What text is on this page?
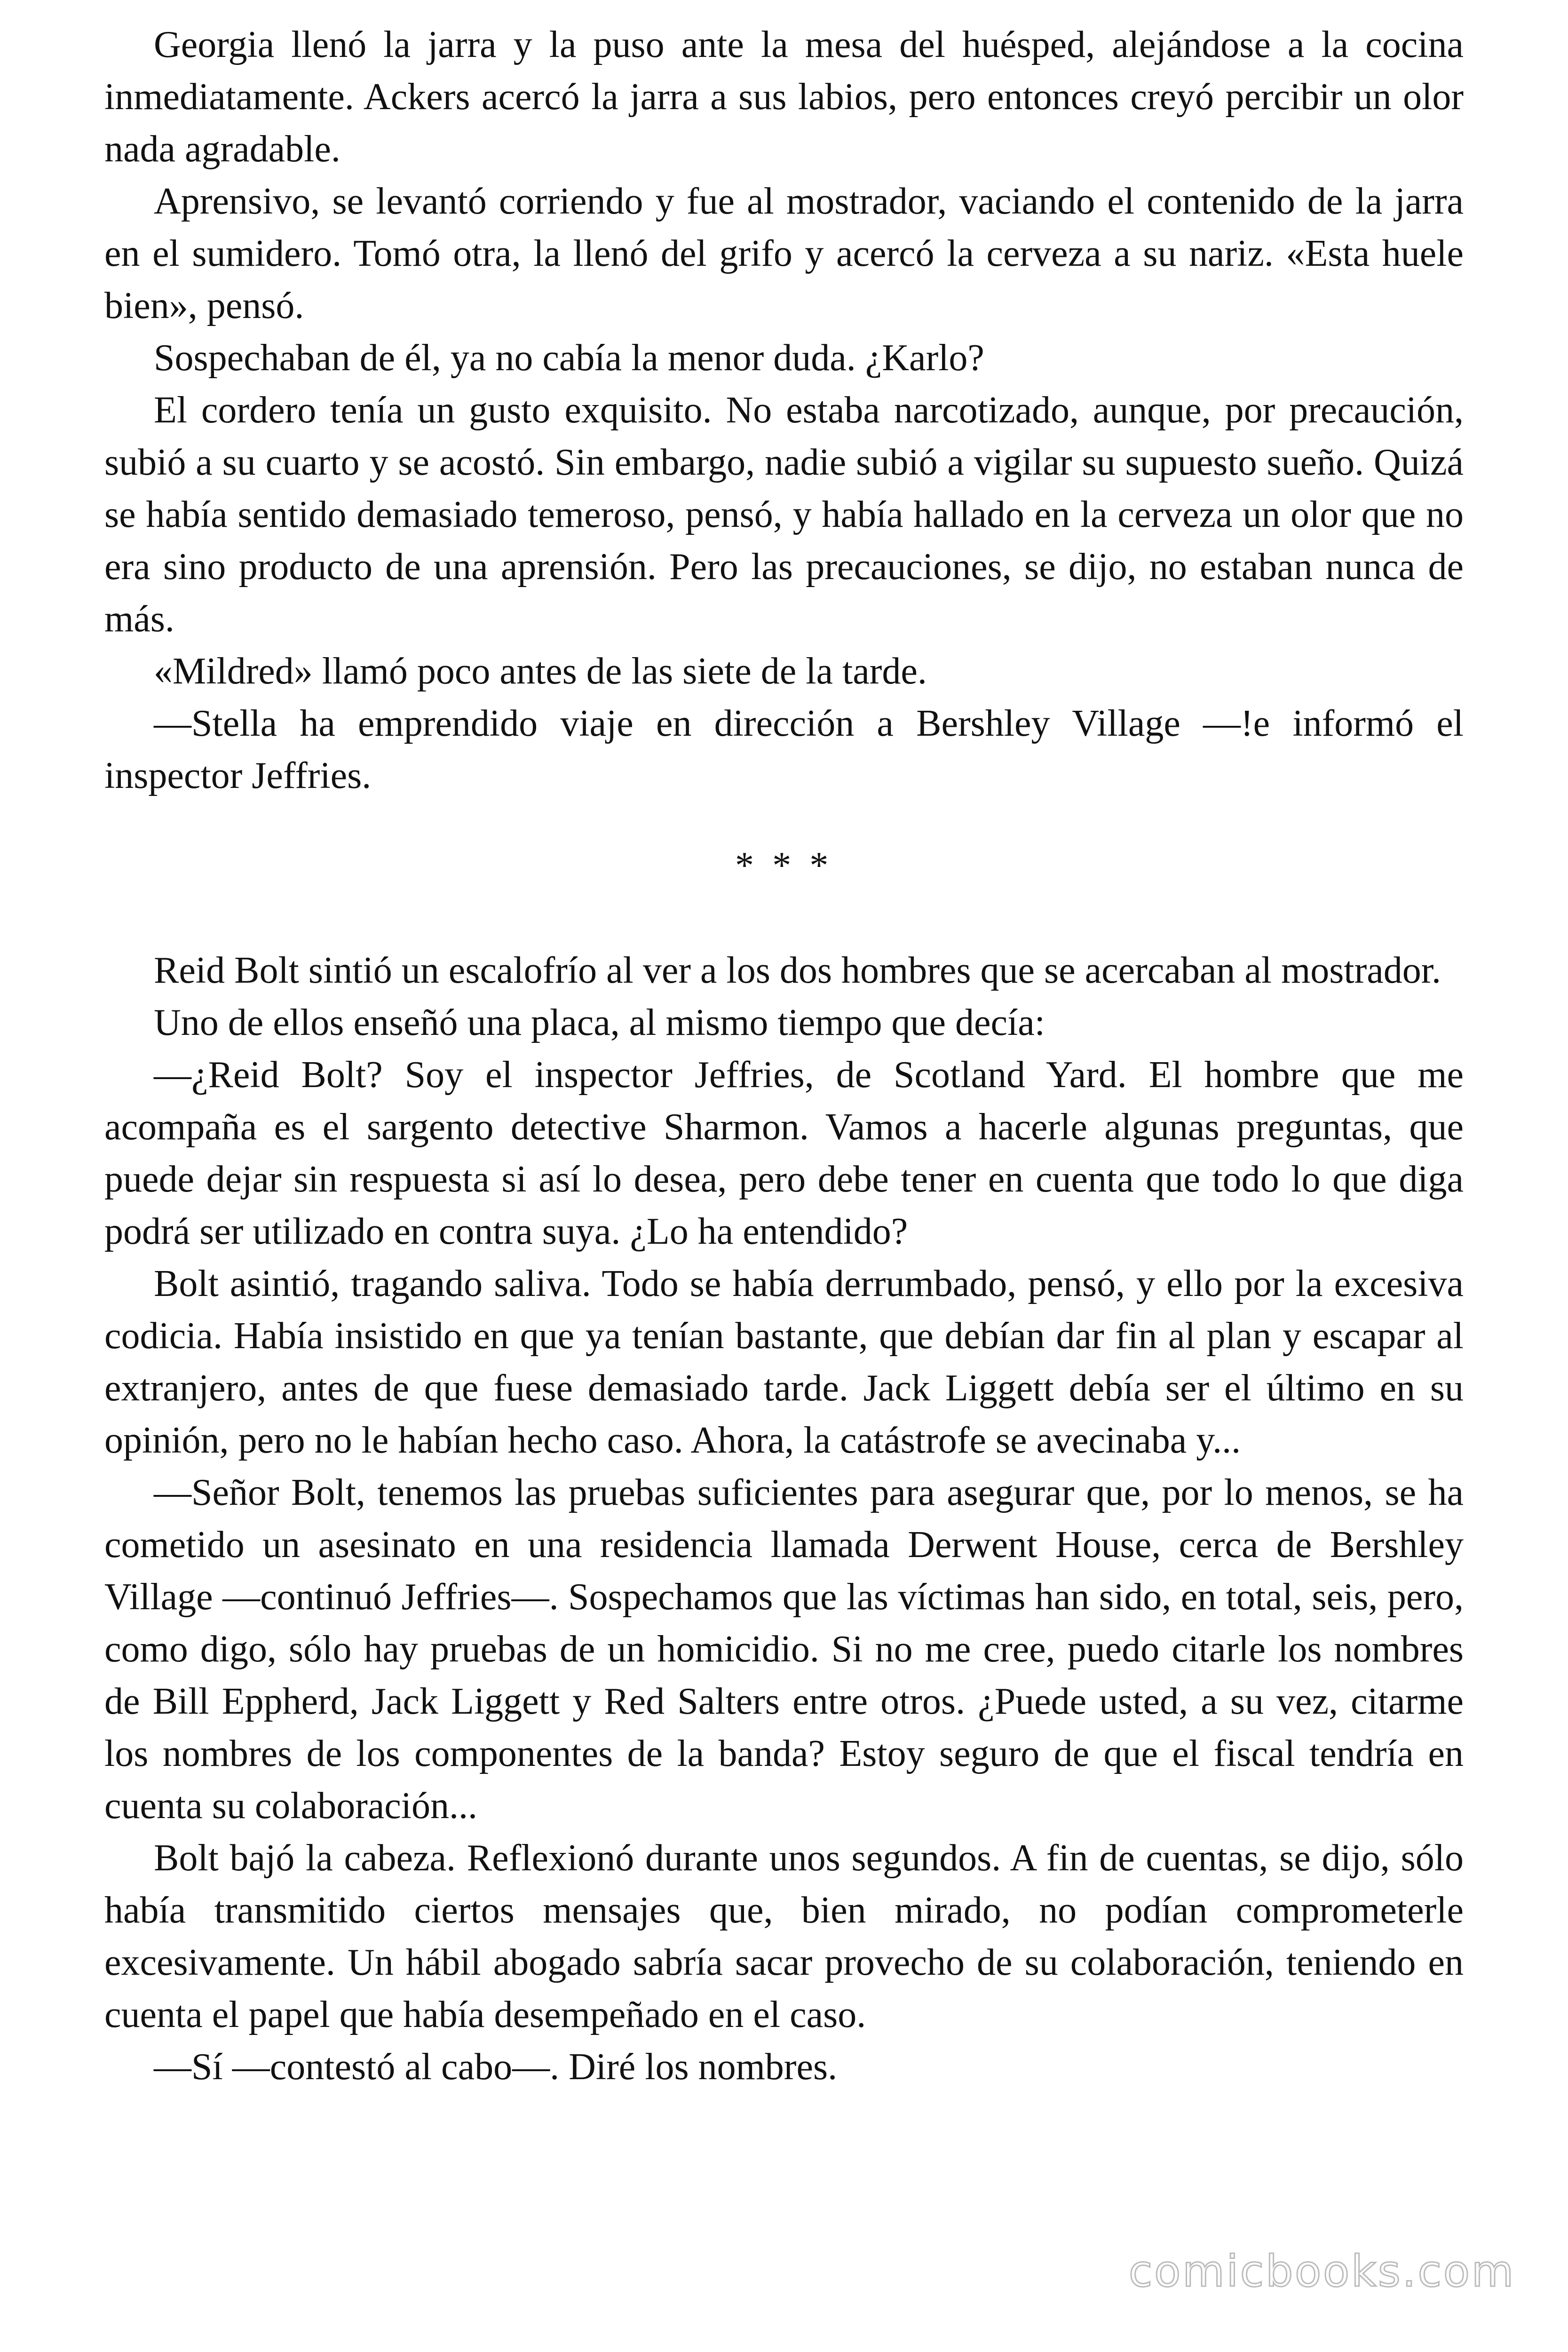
Georgia llenó la jarra y la puso ante la mesa del huésped, alejándose a la cocina inmediatamente. Ackers acercó la jarra a sus labios, pero entonces creyó percibir un olor nada agradable.

Aprensivo, se levantó corriendo y fue al mostrador, vaciando el contenido de la jarra en el sumidero. Tomó otra, la llenó del grifo y acercó la cerveza a su nariz. «Esta huele bien», pensó.

Sospechaban de él, ya no cabía la menor duda. ¿Karlo?

El cordero tenía un gusto exquisito. No estaba narcotizado, aunque, por precaución, subió a su cuarto y se acostó. Sin embargo, nadie subió a vigilar su supuesto sueño. Quizá se había sentido demasiado temeroso, pensó, y había hallado en la cerveza un olor que no era sino producto de una aprensión. Pero las precauciones, se dijo, no estaban nunca de más.

«Mildred» llamó poco antes de las siete de la tarde.

—Stella ha emprendido viaje en dirección a Bershley Village —!e informó el inspector Jeffries.

* * *

Reid Bolt sintió un escalofrío al ver a los dos hombres que se acercaban al mostrador.

Uno de ellos enseñó una placa, al mismo tiempo que decía:

—¿Reid Bolt? Soy el inspector Jeffries, de Scotland Yard. El hombre que me acompaña es el sargento detective Sharmon. Vamos a hacerle algunas preguntas, que puede dejar sin respuesta si así lo desea, pero debe tener en cuenta que todo lo que diga podrá ser utilizado en contra suya. ¿Lo ha entendido?

Bolt asintió, tragando saliva. Todo se había derrumbado, pensó, y ello por la excesiva codicia. Había insistido en que ya tenían bastante, que debían dar fin al plan y escapar al extranjero, antes de que fuese demasiado tarde. Jack Liggett debía ser el último en su opinión, pero no le habían hecho caso. Ahora, la catástrofe se avecinaba y...

—Señor Bolt, tenemos las pruebas suficientes para asegurar que, por lo menos, se ha cometido un asesinato en una residencia llamada Derwent House, cerca de Bershley Village —continuó Jeffries—. Sospechamos que las víctimas han sido, en total, seis, pero, como digo, sólo hay pruebas de un homicidio. Si no me cree, puedo citarle los nombres de Bill Eppherd, Jack Liggett y Red Salters entre otros. ¿Puede usted, a su vez, citarme los nombres de los componentes de la banda? Estoy seguro de que el fiscal tendría en cuenta su colaboración...

Bolt bajó la cabeza. Reflexionó durante unos segundos. A fin de cuentas, se dijo, sólo había transmitido ciertos mensajes que, bien mirado, no podían comprometerle excesivamente. Un hábil abogado sabría sacar provecho de su colaboración, teniendo en cuenta el papel que había desempeñado en el caso.

—Sí —contestó al cabo—. Diré los nombres.

comicbooks.com
